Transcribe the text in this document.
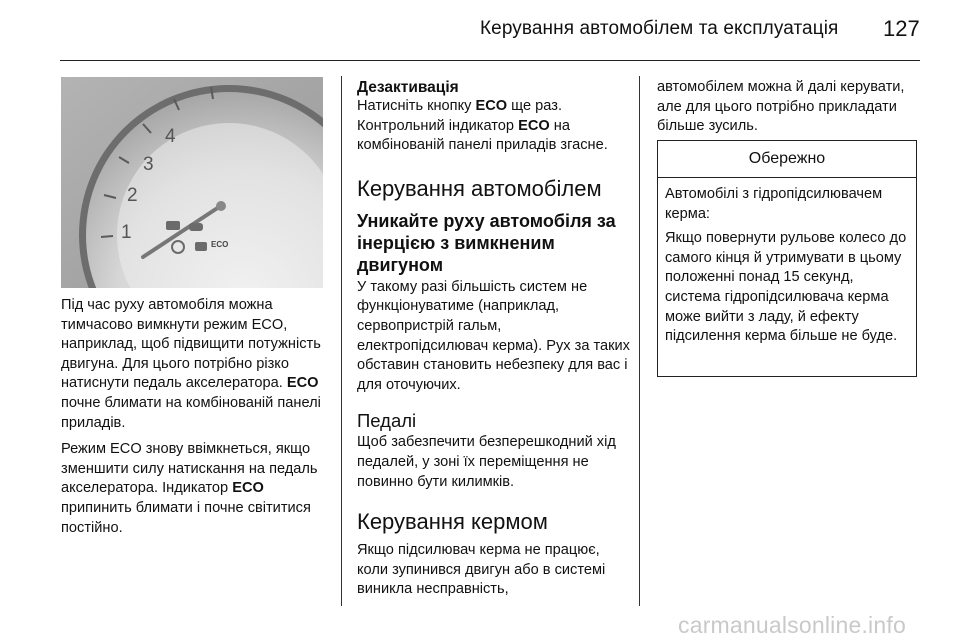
Керування автомобілем та експлуатація 127
1
2
3
4
ECO

Під час руху автомобіля можна тимчасово вимкнути режим ECO, наприклад, щоб підвищити потужність двигуна. Для цього потрібно різко натиснути педаль акселератора. ECO почне блимати на комбінованій панелі приладів.

Режим ECO знову ввімкнеться, якщо зменшити силу натискання на педаль акселератора. Індикатор ECO припинить блимати і почне світитися постійно.

Дезактивація

Натисніть кнопку ECO ще раз. Контрольний індикатор ECO на комбінованій панелі приладів згасне.

Керування автомобілем
Уникайте руху автомобіля за інерцією з вимкненим двигуном

У такому разі більшість систем не функціонуватиме (наприклад, сервопристрій гальм, електропідсилювач керма). Рух за таких обставин становить небезпеку для вас і для оточуючих.

Педалі

Щоб забезпечити безперешкодний хід педалей, у зоні їх переміщення не повинно бути килимків.

Керування кермом

Якщо підсилювач керма не працює, коли зупинився двигун або в системі виникла несправність,

автомобілем можна й далі керувати, але для цього потрібно прикладати більше зусиль.

Обережно

Автомобілі з гідропідсилювачем керма:

Якщо повернути рульове колесо до самого кінця й утримувати в цьому положенні понад 15 секунд, система гідропідсилювача керма може вийти з ладу, й ефекту підсилення керма більше не буде.

carmanualsonline.info
